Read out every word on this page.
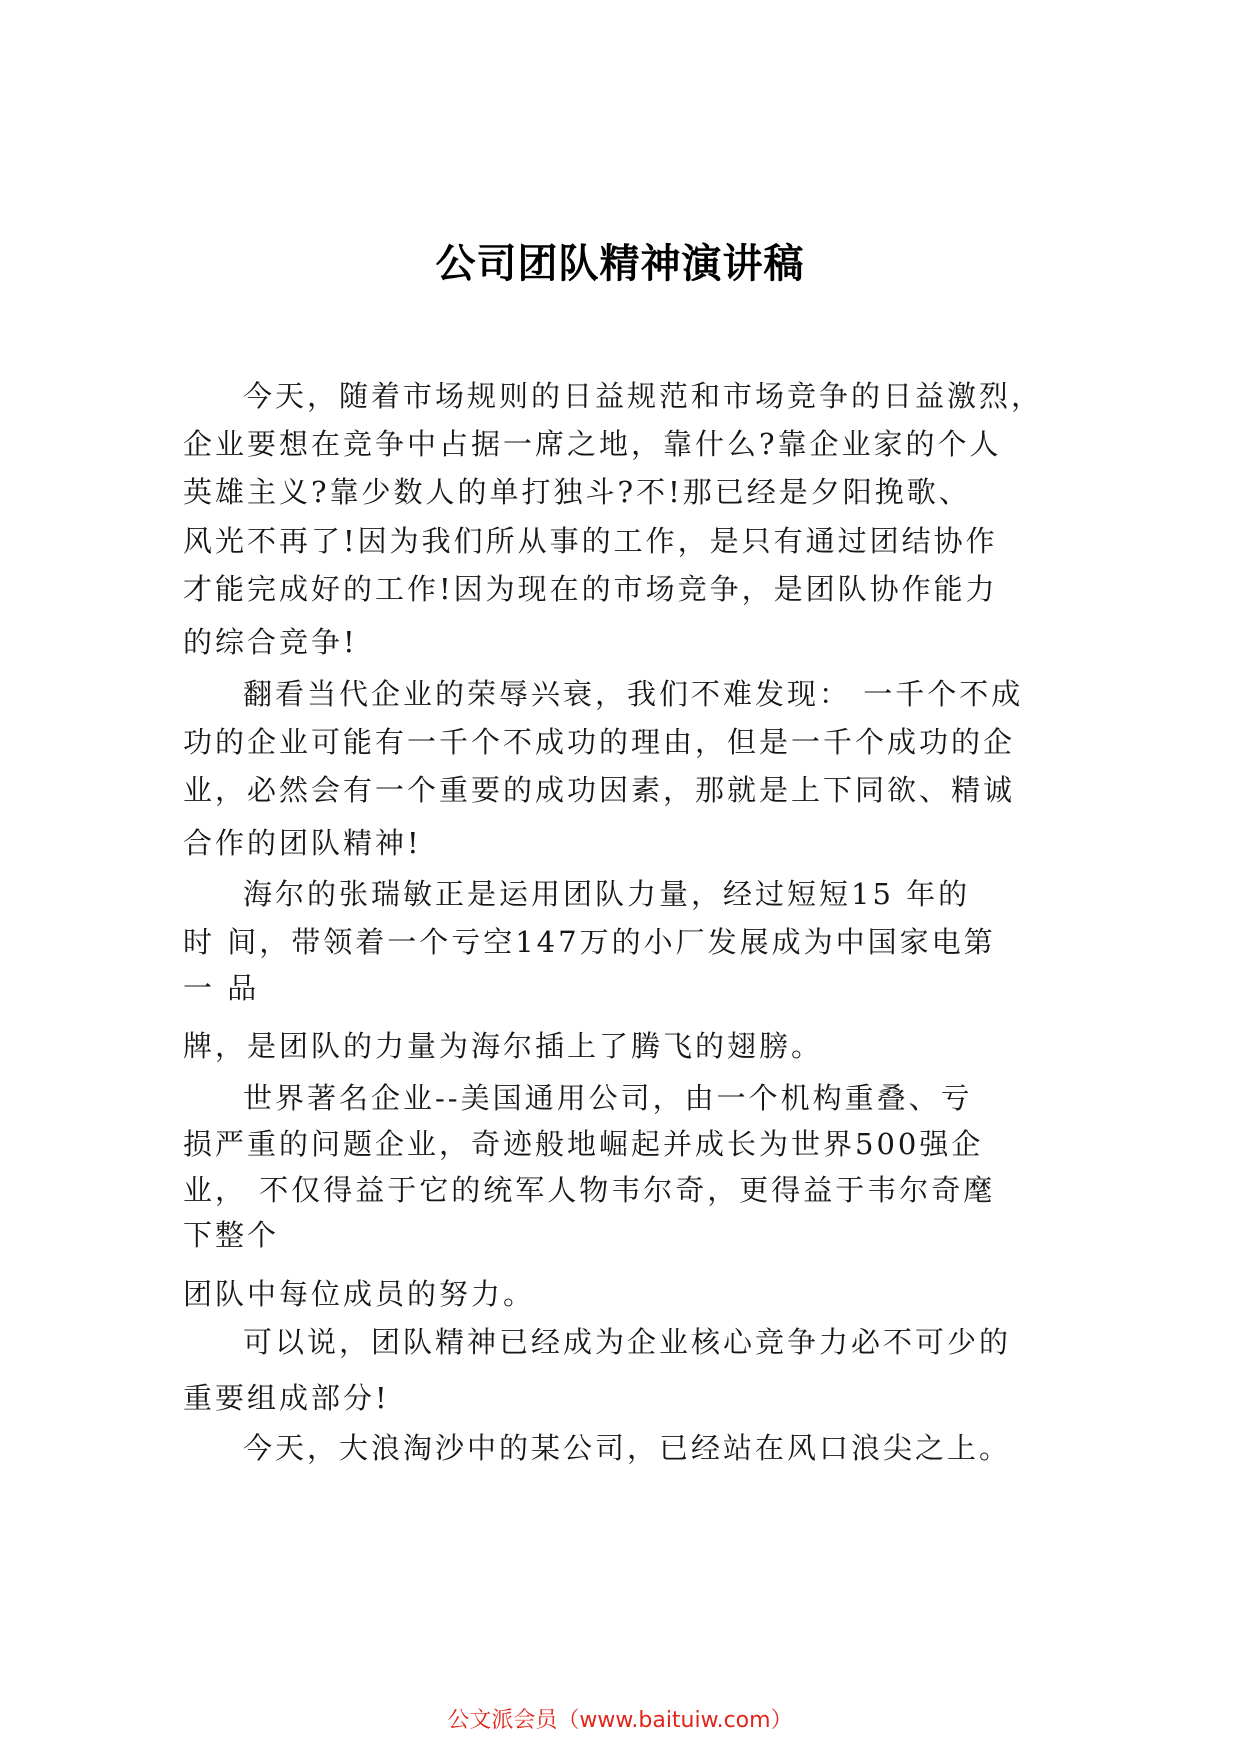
公司团队精神演讲稿
今天，随着市场规则的日益规范和市场竞争的日益激烈，
企业要想在竞争中占据一席之地，靠什么?靠企业家的个人
英雄主义?靠少数人的单打独斗?不!那已经是夕阳挽歌、
风光不再了!因为我们所从事的工作，是只有通过团结协作
才能完成好的工作!因为现在的市场竞争，是团队协作能力
的综合竞争!
翻看当代企业的荣辱兴衰，我们不难发现： 一千个不成
功的企业可能有一千个不成功的理由，但是一千个成功的企
业，必然会有一个重要的成功因素，那就是上下同欲、精诚
合作的团队精神!
海尔的张瑞敏正是运用团队力量，经过短短15 年的
时 间，带领着一个亏空147万的小厂发展成为中国家电第
一 品
牌，是团队的力量为海尔插上了腾飞的翅膀。
世界著名企业--美国通用公司，由一个机构重叠、亏
损严重的问题企业，奇迹般地崛起并成长为世界500强企
业， 不仅得益于它的统军人物韦尔奇，更得益于韦尔奇麾
下整个
团队中每位成员的努力。
可以说，团队精神已经成为企业核心竞争力必不可少的
重要组成部分!
今天，大浪淘沙中的某公司，已经站在风口浪尖之上。
公文派会员（www.baituiw.com）
